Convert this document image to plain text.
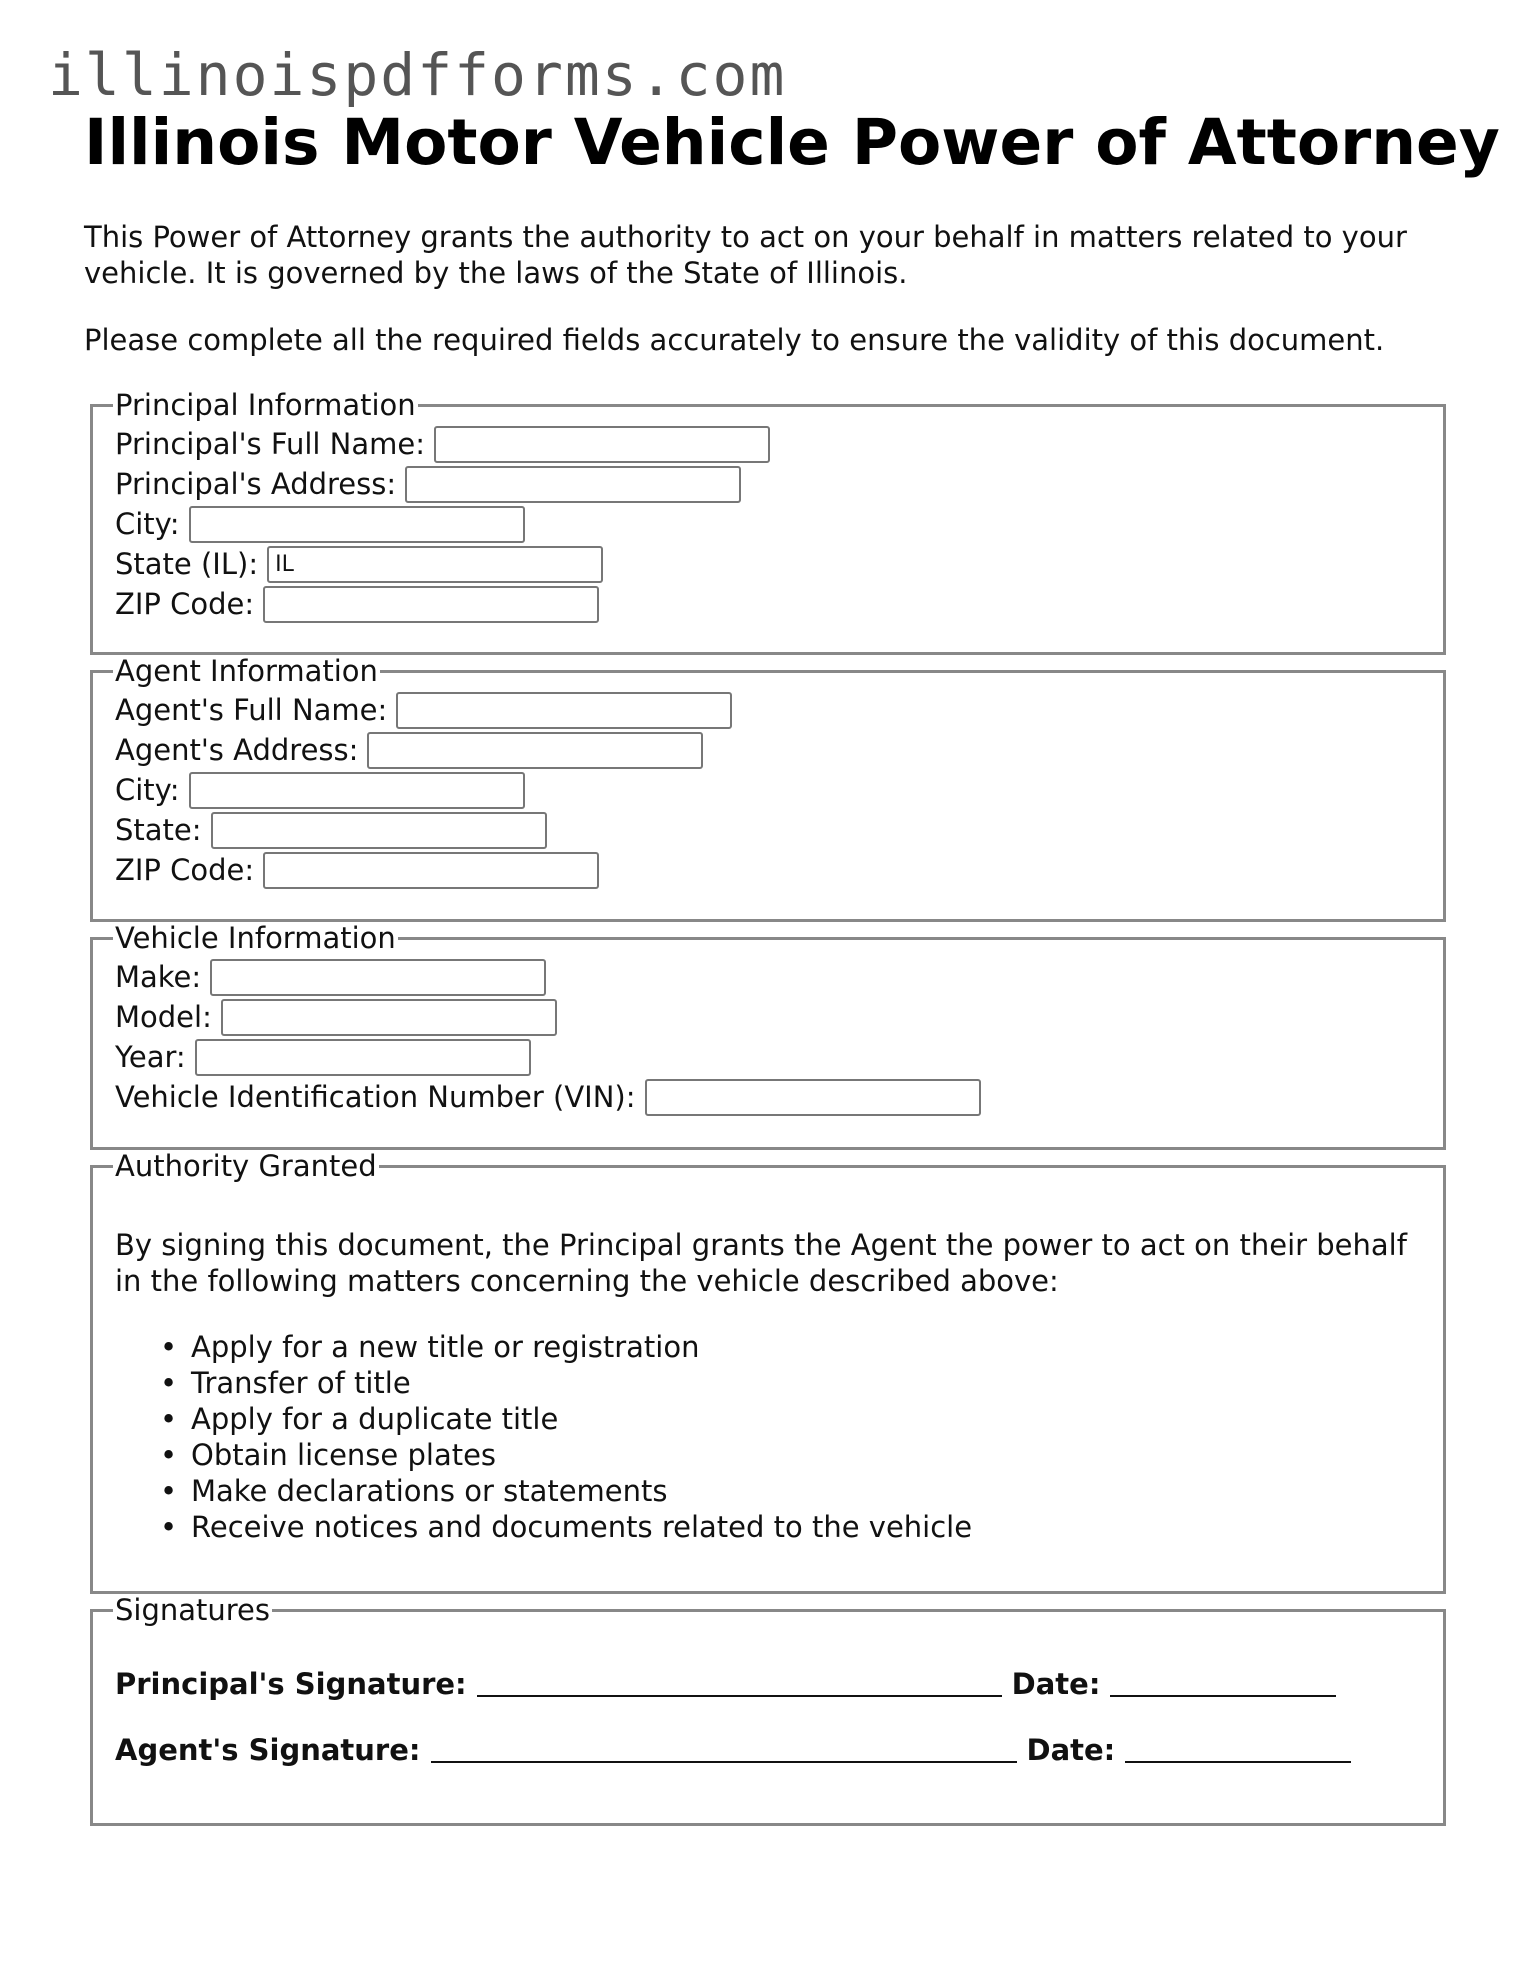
illinoispdfforms.com
Illinois Motor Vehicle Power of Attorney

This Power of Attorney grants the authority to act on your behalf in matters related to your vehicle. It is governed by the laws of the State of Illinois.

Please complete all the required fields accurately to ensure the validity of this document.

Principal Information
Principal's Full Name:
Principal's Address:
City:
State (IL):
IL
ZIP Code:
Agent Information
Agent's Full Name:
Agent's Address:
City:
State:
ZIP Code:
Vehicle Information
Make:
Model:
Year:
Vehicle Identification Number (VIN):
Authority Granted

By signing this document, the Principal grants the Agent the power to act on their behalf in the following matters concerning the vehicle described above:

• Apply for a new title or registration
• Transfer of title
• Apply for a duplicate title
• Obtain license plates
• Make declarations or statements
• Receive notices and documents related to the vehicle
Signatures
Principal's Signature:	Date:
Agent's Signature:	Date:
